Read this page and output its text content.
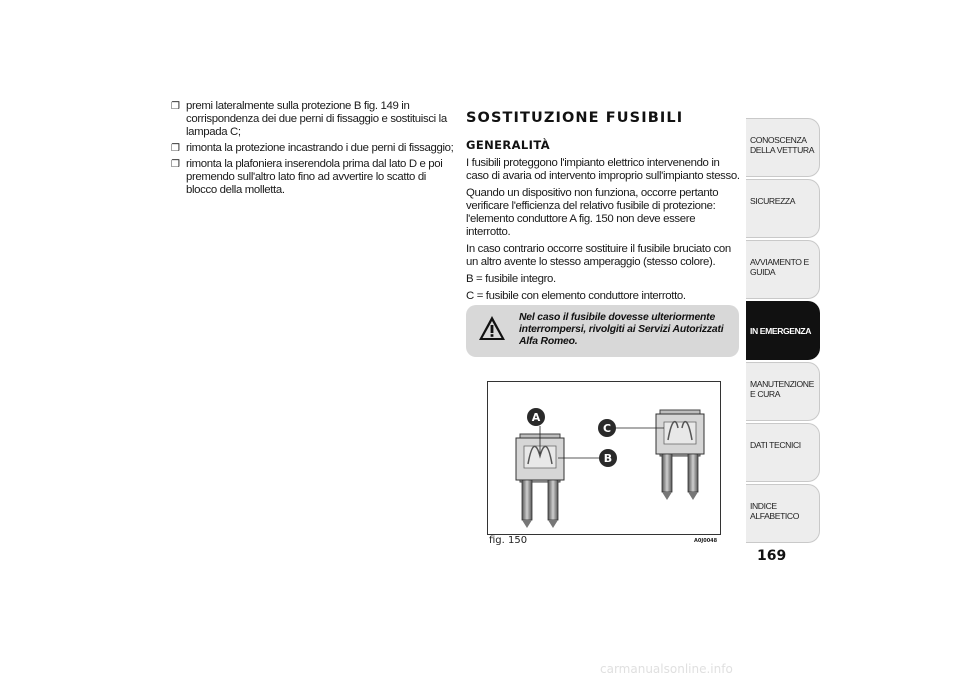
❐ premi lateralmente sulla protezione B fig. 149 in corrispondenza dei due perni di fissaggio e sostituisci la lampada C;
❐ rimonta la protezione incastrando i due perni di fissaggio;
❐ rimonta la plafoniera inserendola prima dal lato D e poi premendo sull'altro lato fino ad avvertire lo scatto di blocco della molletta.
SOSTITUZIONE FUSIBILI
GENERALITÀ

I fusibili proteggono l'impianto elettrico intervenendo in caso di avaria od intervento improprio sull'impianto stesso.

Quando un dispositivo non funziona, occorre pertanto verificare l'efficienza del relativo fusibile di protezione: l'elemento conduttore A fig. 150 non deve essere interrotto.

In caso contrario occorre sostituire il fusibile bruciato con un altro avente lo stesso amperaggio (stesso colore).

B = fusibile integro.

C = fusibile con elemento conduttore interrotto.

Nel caso il fusibile dovesse ulteriormente interrompersi, rivolgiti ai Servizi Autorizzati Alfa Romeo.
A
B
C
fig. 150	A0J0048
CONOSCENZA DELLA VETTURA
SICUREZZA
AVVIAMENTO E GUIDA
IN EMERGENZA
MANUTENZIONE E CURA
DATI TECNICI
INDICE ALFABETICO
169
carmanualsonline.info
